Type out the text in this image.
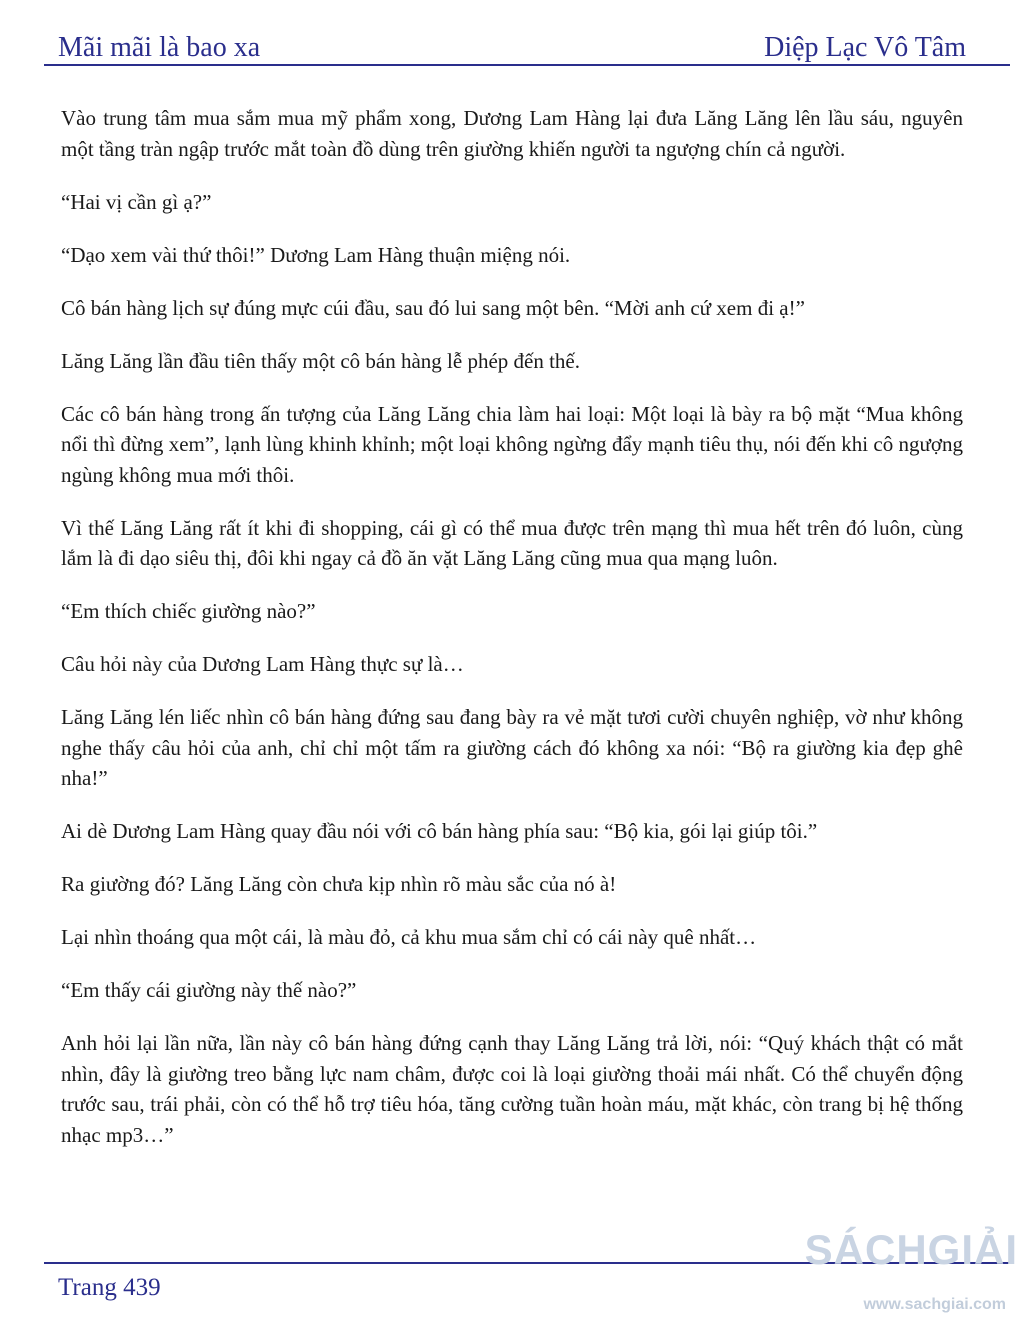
Mãi mãi là bao xa	Diệp Lạc Vô Tâm

Vào trung tâm mua sắm mua mỹ phẩm xong, Dương Lam Hàng lại đưa Lăng Lăng lên lầu sáu, nguyên một tầng tràn ngập trước mắt toàn đồ dùng trên giường khiến người ta ngượng chín cả người.

“Hai vị cần gì ạ?”

“Dạo xem vài thứ thôi!” Dương Lam Hàng thuận miệng nói.

Cô bán hàng lịch sự đúng mực cúi đầu, sau đó lui sang một bên. “Mời anh cứ xem đi ạ!”

Lăng Lăng lần đầu tiên thấy một cô bán hàng lễ phép đến thế.

Các cô bán hàng trong ấn tượng của Lăng Lăng chia làm hai loại: Một loại là bày ra bộ mặt “Mua không nổi thì đừng xem”, lạnh lùng khinh khỉnh; một loại không ngừng đẩy mạnh tiêu thụ, nói đến khi cô ngượng ngùng không mua mới thôi.

Vì thế Lăng Lăng rất ít khi đi shopping, cái gì có thể mua được trên mạng thì mua hết trên đó luôn, cùng lắm là đi dạo siêu thị, đôi khi ngay cả đồ ăn vặt Lăng Lăng cũng mua qua mạng luôn.

“Em thích chiếc giường nào?”

Câu hỏi này của Dương Lam Hàng thực sự là…

Lăng Lăng lén liếc nhìn cô bán hàng đứng sau đang bày ra vẻ mặt tươi cười chuyên nghiệp, vờ như không nghe thấy câu hỏi của anh, chỉ chỉ một tấm ra giường cách đó không xa nói: “Bộ ra giường kia đẹp ghê nha!”

Ai dè Dương Lam Hàng quay đầu nói với cô bán hàng phía sau: “Bộ kia, gói lại giúp tôi.”

Ra giường đó? Lăng Lăng còn chưa kịp nhìn rõ màu sắc của nó à!

Lại nhìn thoáng qua một cái, là màu đỏ, cả khu mua sắm chỉ có cái này quê nhất…

“Em thấy cái giường này thế nào?”

Anh hỏi lại lần nữa, lần này cô bán hàng đứng cạnh thay Lăng Lăng trả lời, nói: “Quý khách thật có mắt nhìn, đây là giường treo bằng lực nam châm, được coi là loại giường thoải mái nhất. Có thể chuyển động trước sau, trái phải, còn có thể hỗ trợ tiêu hóa, tăng cường tuần hoàn máu, mặt khác, còn trang bị hệ thống nhạc mp3…”

Trang 439
SÁCHGIẢI
www.sachgiai.com
